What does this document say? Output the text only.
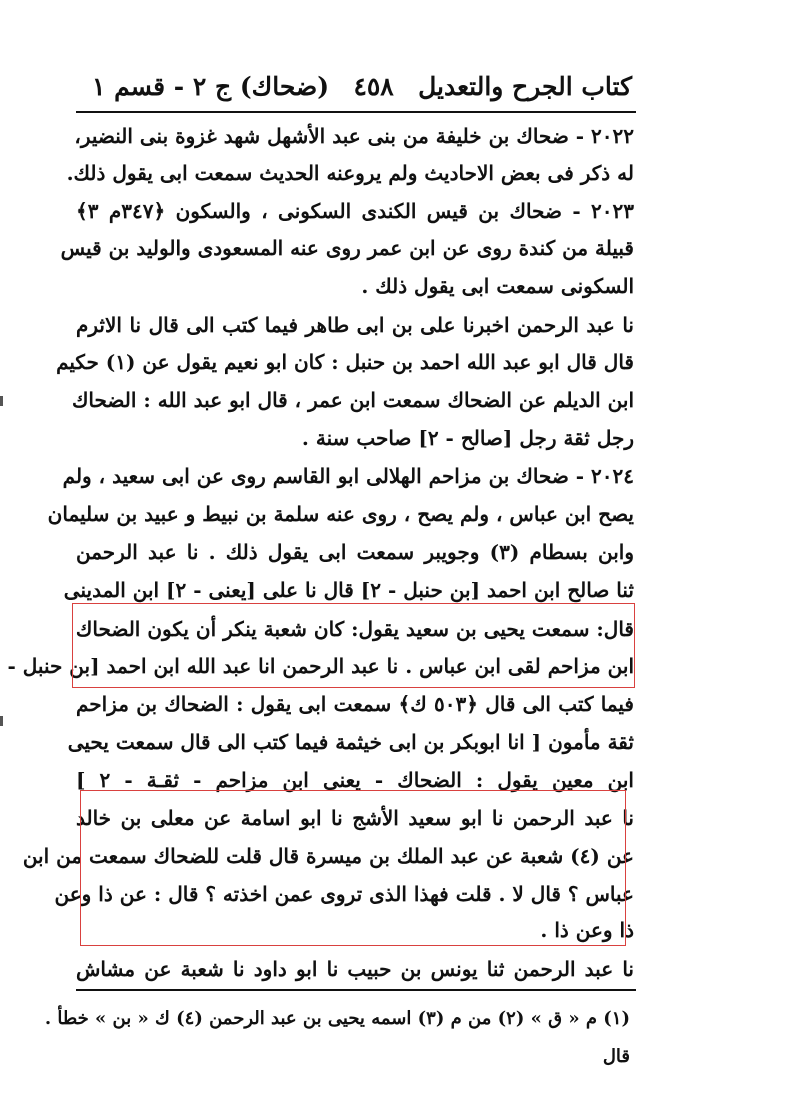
كتاب الجرح والتعديل
٤٥٨
(ضحاك) ج ٢ - قسم ١
٢٠٢٢ - ضحاك بن خليفة من بنى عبد الأشهل شهد غزوة بنى النضير،
له ذكر فى بعض الاحاديث ولم يروعنه الحديث سمعت ابى يقول ذلك.
٢٠٢٣ - ضحاك بن قيس الكندى السكونى ، والسكون ﴿٣٤٧م ٣﴾
قبيلة من كندة روى عن ابن عمر روى عنه المسعودى والوليد بن قيس
السكونى سمعت ابى يقول ذلك .
نا عبد الرحمن اخبرنا على بن ابى طاهر فيما كتب الى قال نا الاثرم
قال قال ابو عبد الله احمد بن حنبل : كان ابو نعيم يقول عن (١) حكيم
ابن الديلم عن الضحاك سمعت ابن عمر ، قال ابو عبد الله : الضحاك
رجل ثقة رجل [صالح - ٢] صاحب سنة .
٢٠٢٤ - ضحاك بن مزاحم الهلالى ابو القاسم روى عن ابى سعيد ، ولم
يصح ابن عباس ، ولم يصح ، روى عنه سلمة بن نبيط و عبيد بن سليمان
وابن بسطام (٣) وجويبر سمعت ابى يقول ذلك . نا عبد الرحمن
ثنا صالح ابن احمد [بن حنبل - ٢] قال نا على [يعنى - ٢] ابن المدينى
قال: سمعت يحيى بن سعيد يقول: كان شعبة ينكر أن يكون الضحاك
ابن مزاحم لقى ابن عباس . نا عبد الرحمن انا عبد الله ابن احمد [بن حنبل -
فيما كتب الى قال ﴿٥٠٣ ك﴾ سمعت ابى يقول : الضحاك بن مزاحم
ثقة مأمون [ انا ابوبكر بن ابى خيثمة فيما كتب الى قال سمعت يحيى
ابن معين يقول : الضحاك - يعنى ابن مزاحم - ثقـة - ٢ ]
نا عبد الرحمن نا ابو سعيد الأشج نا ابو اسامة عن معلى بن خالد
عن (٤) شعبة عن عبد الملك بن ميسرة قال قلت للضحاك سمعت من ابن
عباس ؟ قال لا . قلت فهذا الذى تروى عمن اخذته ؟ قال : عن ذا وعن
ذا وعن ذا .
نا عبد الرحمن ثنا يونس بن حبيب نا ابو داود نا شعبة عن مشاش
(١) م « ق » (٢) من م (٣) اسمه يحيى بن عبد الرحمن (٤) ك « بن » خطأ .
قال
